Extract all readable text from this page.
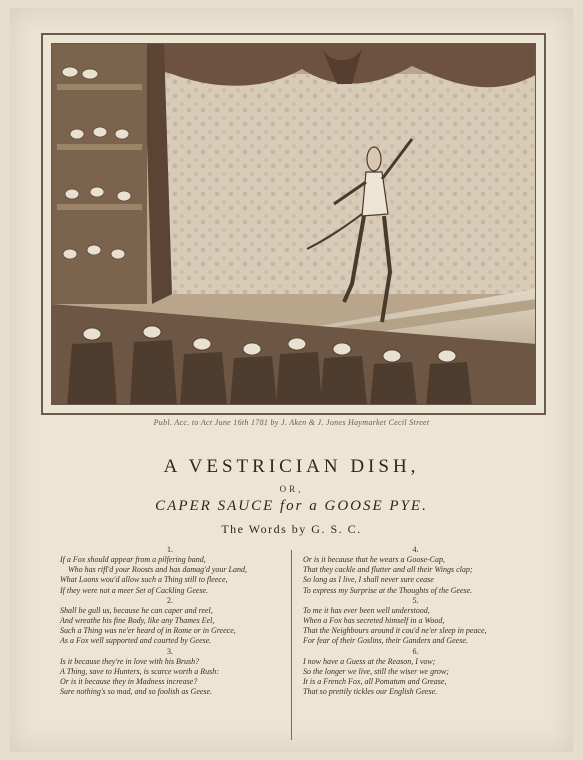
Publ. Acc. to Act June 16th 1781 by J. Aken & J. Jones Haymarket Cecil Street
A VESTRICIAN DISH,
OR,
CAPER SAUCE for a GOOSE PYE.
The Words by G. S. C.
1.
If a Fox should appear from a pilfering band,
Who has rifl'd your Roosts and has damag'd your Land,
What Loons wou'd allow such a Thing still to fleece,
If they were not a meer Set of Cackling Geese.
2.
Shall be gull us, because he can caper and reel,
And wreathe his fine Body, like any Thames Eel,
Such a Thing was ne'er heard of in Rome or in Greece,
As a Fox well supported and courted by Geese.
3.
Is it because they're in love with his Brush?
A Thing, save to Hunters, is scarce worth a Rush:
Or is it because they in Madness increase?
Sure nothing's so mad, and so foolish as Geese.
4.
Or is it because that he wears a Goose-Cap,
That they cackle and flutter and all their Wings clap;
So long as I live, I shall never sure cease
To express my Surprise at the Thoughts of the Geese.
5.
To me it has ever been well understood,
When a Fox has secreted himself in a Wood,
That the Neighbours around it cou'd ne'er sleep in peace,
For fear of their Goslins, their Ganders and Geese.
6.
I now have a Guess at the Reason, I vow;
So the longer we live, still the wiser we grow;
It is a French Fox, all Pomatum and Grease,
That so prettily tickles our English Geese.
